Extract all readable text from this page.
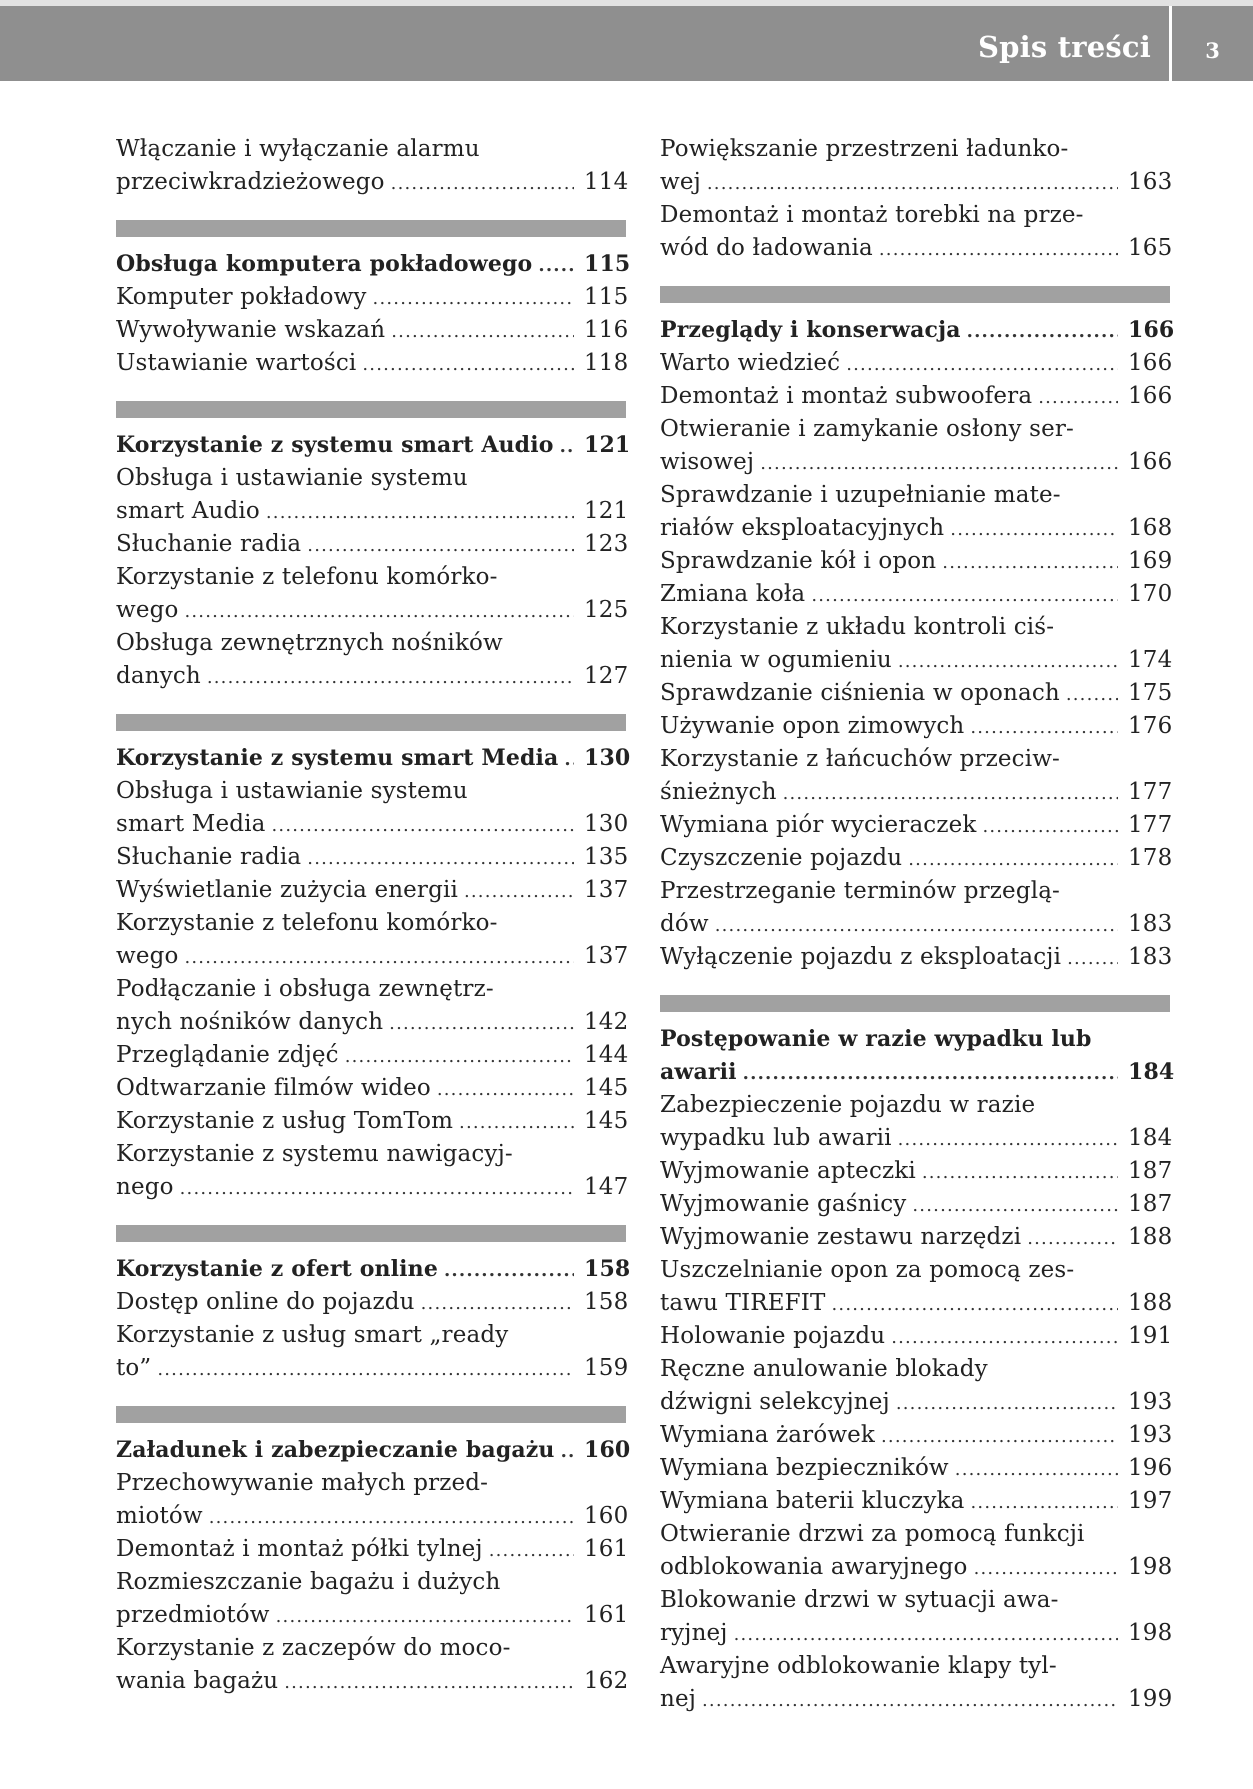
Spis treści	3
Włączanie i wyłączanie alarmu
przeciwkradzieżowego .....	114
Obsługa komputera pokładowego ..... 115
Komputer pokładowy .....	115
Wywoływanie wskazań .....	116
Ustawianie wartości .....	118
Korzystanie z systemu smart Audio ..... 121
Obsługa i ustawianie systemu
smart Audio .....	121
Słuchanie radia .....	123
Korzystanie z telefonu komórko-
wego .....	125
Obsługa zewnętrznych nośników
danych .....	127
Korzystanie z systemu smart Media ..... 130
Obsługa i ustawianie systemu
smart Media .....	130
Słuchanie radia .....	135
Wyświetlanie zużycia energii .....	137
Korzystanie z telefonu komórko-
wego .....	137
Podłączanie i obsługa zewnętrz-
nych nośników danych .....	142
Przeglądanie zdjęć .....	144
Odtwarzanie filmów wideo .....	145
Korzystanie z usług TomTom .....	145
Korzystanie z systemu nawigacyj-
nego .....	147
Korzystanie z ofert online .....	158
Dostęp online do pojazdu .....	158
Korzystanie z usług smart „ready
to” .....	159
Załadunek i zabezpieczanie bagażu ..... 160
Przechowywanie małych przed-
miotów .....	160
Demontaż i montaż półki tylnej .....	161
Rozmieszczanie bagażu i dużych
przedmiotów .....	161
Korzystanie z zaczepów do moco-
wania bagażu .....	162
Powiększanie przestrzeni ładunko-
wej .....	163
Demontaż i montaż torebki na prze-
wód do ładowania .....	165
Przeglądy i konserwacja .....	166
Warto wiedzieć .....	166
Demontaż i montaż subwoofera .....	166
Otwieranie i zamykanie osłony ser-
wisowej .....	166
Sprawdzanie i uzupełnianie mate-
riałów eksploatacyjnych .....	168
Sprawdzanie kół i opon .....	169
Zmiana koła .....	170
Korzystanie z układu kontroli ciś-
nienia w ogumieniu .....	174
Sprawdzanie ciśnienia w oponach .....	175
Używanie opon zimowych .....	176
Korzystanie z łańcuchów przeciw-
śnieżnych .....	177
Wymiana piór wycieraczek .....	177
Czyszczenie pojazdu .....	178
Przestrzeganie terminów przeglą-
dów .....	183
Wyłączenie pojazdu z eksploatacji .....	183
Postępowanie w razie wypadku lub
awarii .....	184
Zabezpieczenie pojazdu w razie
wypadku lub awarii .....	184
Wyjmowanie apteczki .....	187
Wyjmowanie gaśnicy .....	187
Wyjmowanie zestawu narzędzi .....	188
Uszczelnianie opon za pomocą zes-
tawu TIREFIT .....	188
Holowanie pojazdu .....	191
Ręczne anulowanie blokady
dźwigni selekcyjnej .....	193
Wymiana żarówek .....	193
Wymiana bezpieczników .....	196
Wymiana baterii kluczyka .....	197
Otwieranie drzwi za pomocą funkcji
odblokowania awaryjnego .....	198
Blokowanie drzwi w sytuacji awa-
ryjnej .....	198
Awaryjne odblokowanie klapy tyl-
nej .....	199
